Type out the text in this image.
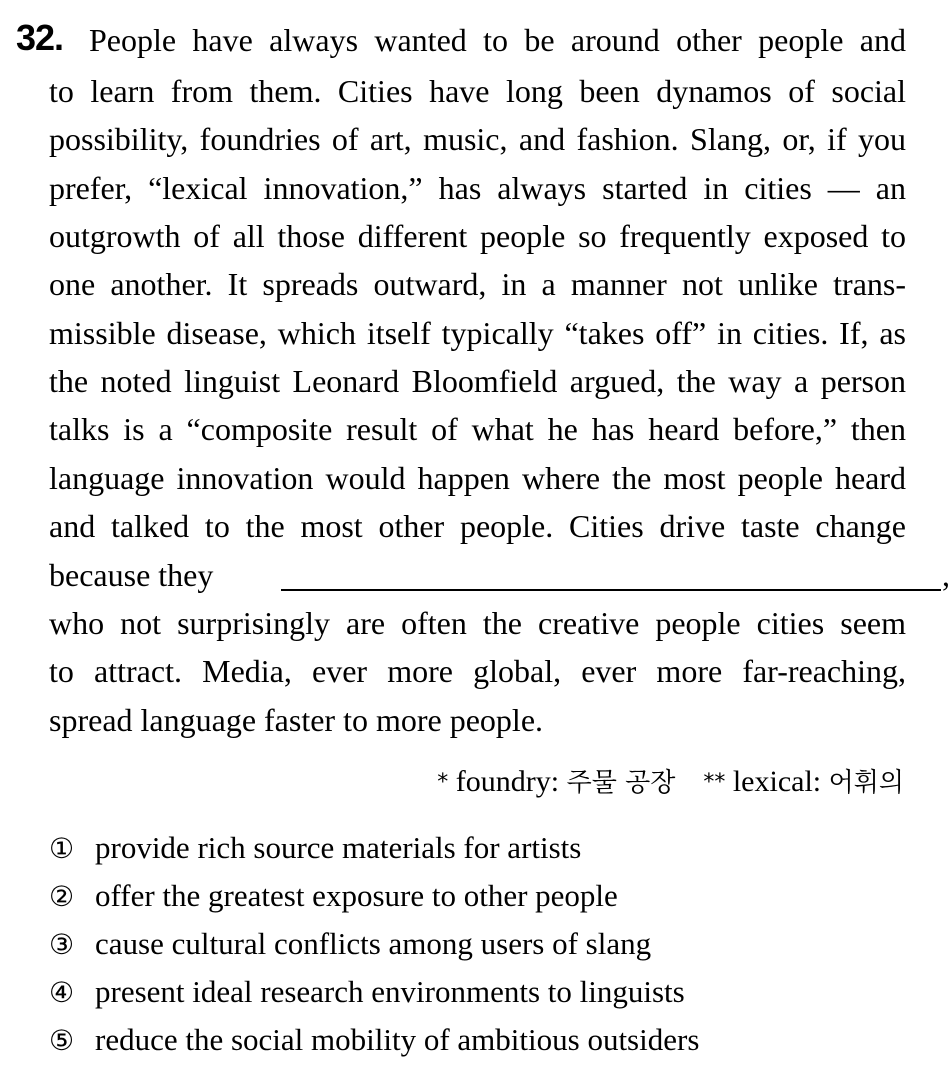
32. People have always wanted to be around other people and
to learn from them. Cities have long been dynamos of social
possibility, foundries of art, music, and fashion. Slang, or, if you
prefer, “lexical innovation,” has always started in cities ― an
outgrowth of all those different people so frequently exposed to
one another. It spreads outward, in a manner not unlike trans-
missible disease, which itself typically “takes off” in cities. If, as
the noted linguist Leonard Bloomfield argued, the way a person
talks is a “composite result of what he has heard before,” then
language innovation would happen where the most people heard
and talked to the most other people. Cities drive taste change
because they	,
who not surprisingly are often the creative people cities seem
to attract. Media, ever more global, ever more far-reaching,
spread language faster to more people.
* foundry: 주물 공장 ** lexical: 어휘의
① provide rich source materials for artists
② offer the greatest exposure to other people
③ cause cultural conflicts among users of slang
④ present ideal research environments to linguists
⑤ reduce the social mobility of ambitious outsiders
